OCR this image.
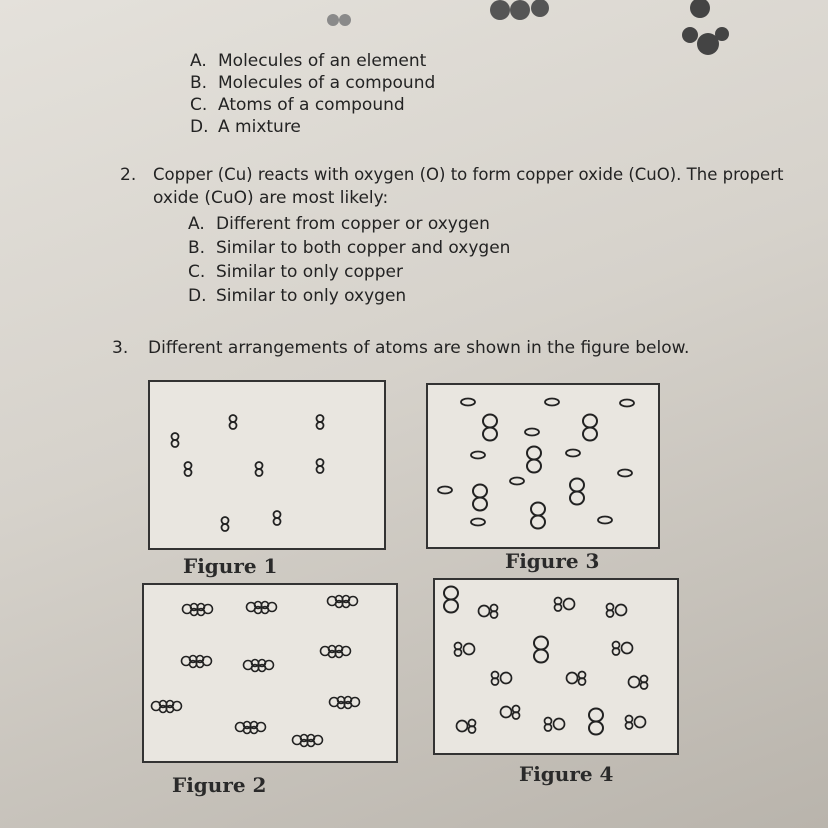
A. Molecules of an element
B. Molecules of a compound
C. Atoms of a compound
D. A mixture
2. Copper (Cu) reacts with oxygen (O) to form copper oxide (CuO). The propert
oxide (CuO) are most likely:
A. Different from copper or oxygen
B. Similar to both copper and oxygen
C. Similar to only copper
D. Similar to only oxygen
3. Different arrangements of atoms are shown in the figure below.
Figure 1	Figure 3
Figure 2	Figure 4
